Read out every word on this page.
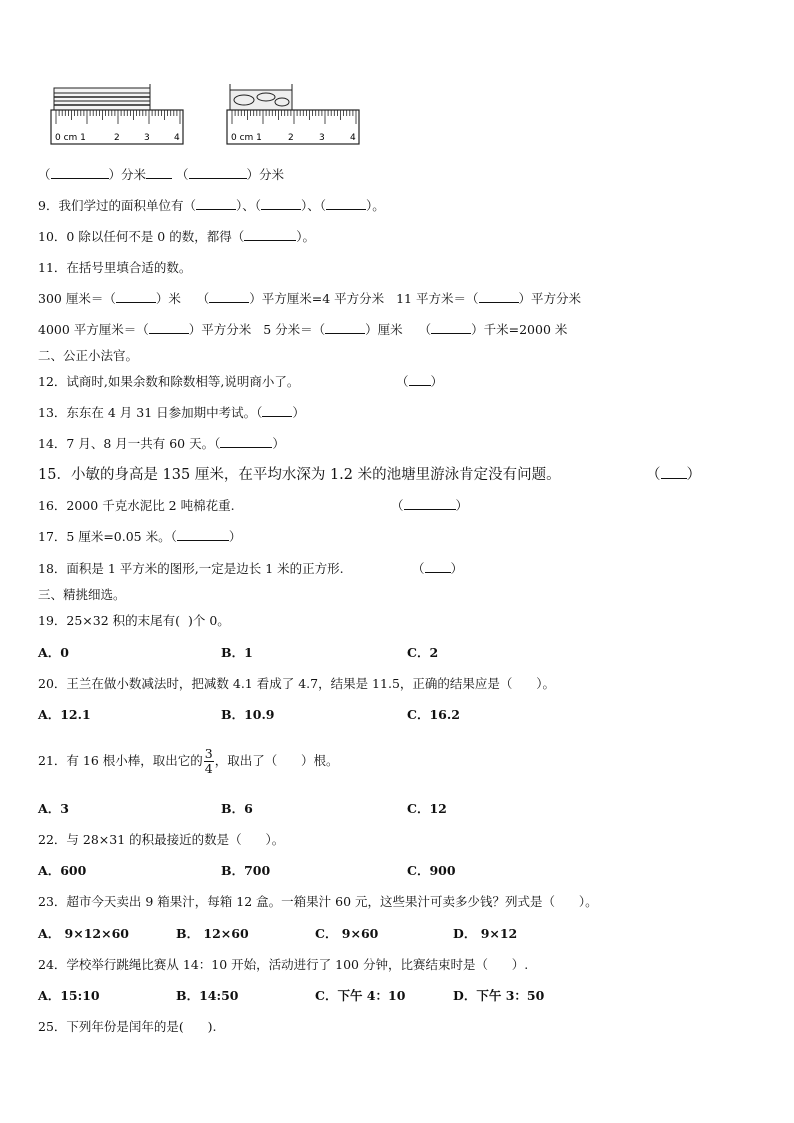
0 cm 1	2	3	4	0 cm 1	2	3	4
（	）分米 （	）分米
9．我们学过的面积单位有（	）、（	）、（	）。
10．0 除以任何不是 0 的数，都得（	）。
11．在括号里填合适的数。
300 厘米＝（	）米 （	）平方厘米=4 平方分米 11 平方米＝（	）平方分米
4000 平方厘米＝（	）平方分米 5 分米＝（	）厘米 （	）千米=2000 米
二、公正小法官。
12．试商时,如果余数和除数相等,说明商小了。	（ ）
13．东东在 4 月 31 日参加期中考试。（ ）
14．7 月、8 月一共有 60 天。（	）
15．小敏的身高是 135 厘米，在平均水深为 1.2 米的池塘里游泳肯定没有问题。	（ ）
16．2000 千克水泥比 2 吨棉花重.	（	）
17．5 厘米=0.05 米。（	）
18．面积是 1 平方米的图形,一定是边长 1 米的正方形.	（ ）
三、精挑细选。
19．25×32 积的末尾有(  )个 0。
A．0	B．1	C．2
20．王兰在做小数减法时，把减数 4.1 看成了 4.7，结果是 11.5，正确的结果应是（      ）。
A．12.1	B．10.9	C．16.2
21．有 16 根小棒，取出它的 $\frac{3}{4}$ ，取出了（      ）根。
A．3	B．6	C．12
22．与 28×31 的积最接近的数是（      ）。
A．600	B．700	C．900
23．超市今天卖出 9 箱果汁，每箱 12 盒。一箱果汁 60 元，这些果汁可卖多少钱？列式是（      ）。
A． 9×12×60	B． 12×60	C． 9×60	D． 9×12
24．学校举行跳绳比赛从 14：10 开始，活动进行了 100 分钟，比赛结束时是（      ）.
A．15:10	B．14:50	C．下午 4：10	D．下午 3：50
25．下列年份是闰年的是(      ).
